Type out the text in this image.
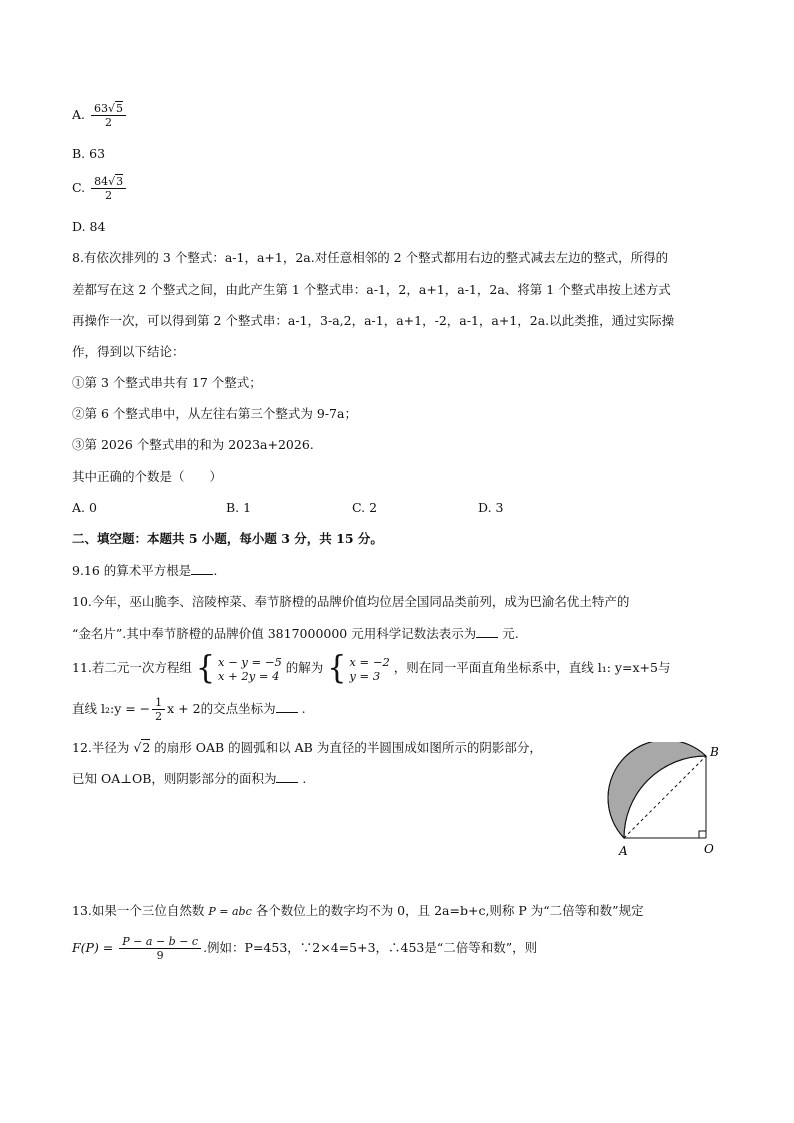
A. $\frac{63√5}{2}$
B. 63
C. $\frac{84√3}{2}$
D. 84
8.有依次排列的 3 个整式：a-1，a+1，2a.对任意相邻的 2 个整式都用右边的整式减去左边的整式，所得的
差都写在这 2 个整式之间，由此产生第 1 个整式串：a-1，2，a+1，a-1，2a、将第 1 个整式串按上述方式
再操作一次，可以得到第 2 个整式串：a-1，3-a,2，a-1，a+1，-2，a-1，a+1，2a.以此类推，通过实际操
作，得到以下结论：
①第 3 个整式串共有 17 个整式；
②第 6 个整式串中，从左往右第三个整式为 9-7a；
③第 2026 个整式串的和为 2023a+2026.
其中正确的个数是（　　）
A. 0	B. 1	C. 2	D. 3
二、填空题：本题共 5 小题，每小题 3 分，共 15 分。
9.16 的算术平方根是 .
10.今年，巫山脆李、涪陵榨菜、奉节脐橙的品牌价值均位居全国同品类前列，成为巴渝名优土特产的
“金名片”.其中奉节脐橙的品牌价值 3817000000 元用科学记数法表示为 元.
11.若二元一次方程组 { x − y = −5
x + 2y = 4
的解为 { x = −2
y = 3
，则在同一平面直角坐标系中，直线 l₁: y=x+5与
直线 l₂:y = − $\frac{1}{2}$ x + 2的交点坐标为 .
12.半径为 √2 的扇形 OAB 的圆弧和以 AB 为直径的半圆围成如图所示的阴影部分，
已知 OA⊥OB，则阴影部分的面积为 .
A
B
O
13.如果一个三位自然数 P = abc 各个数位上的数字均不为 0，且 2a=b+c,则称 P 为“二倍等和数”规定
$F(P) = \frac{P - a - b - c}{9}$ .例如：P=453，∵2×4=5+3，∴453是“二倍等和数”，则
